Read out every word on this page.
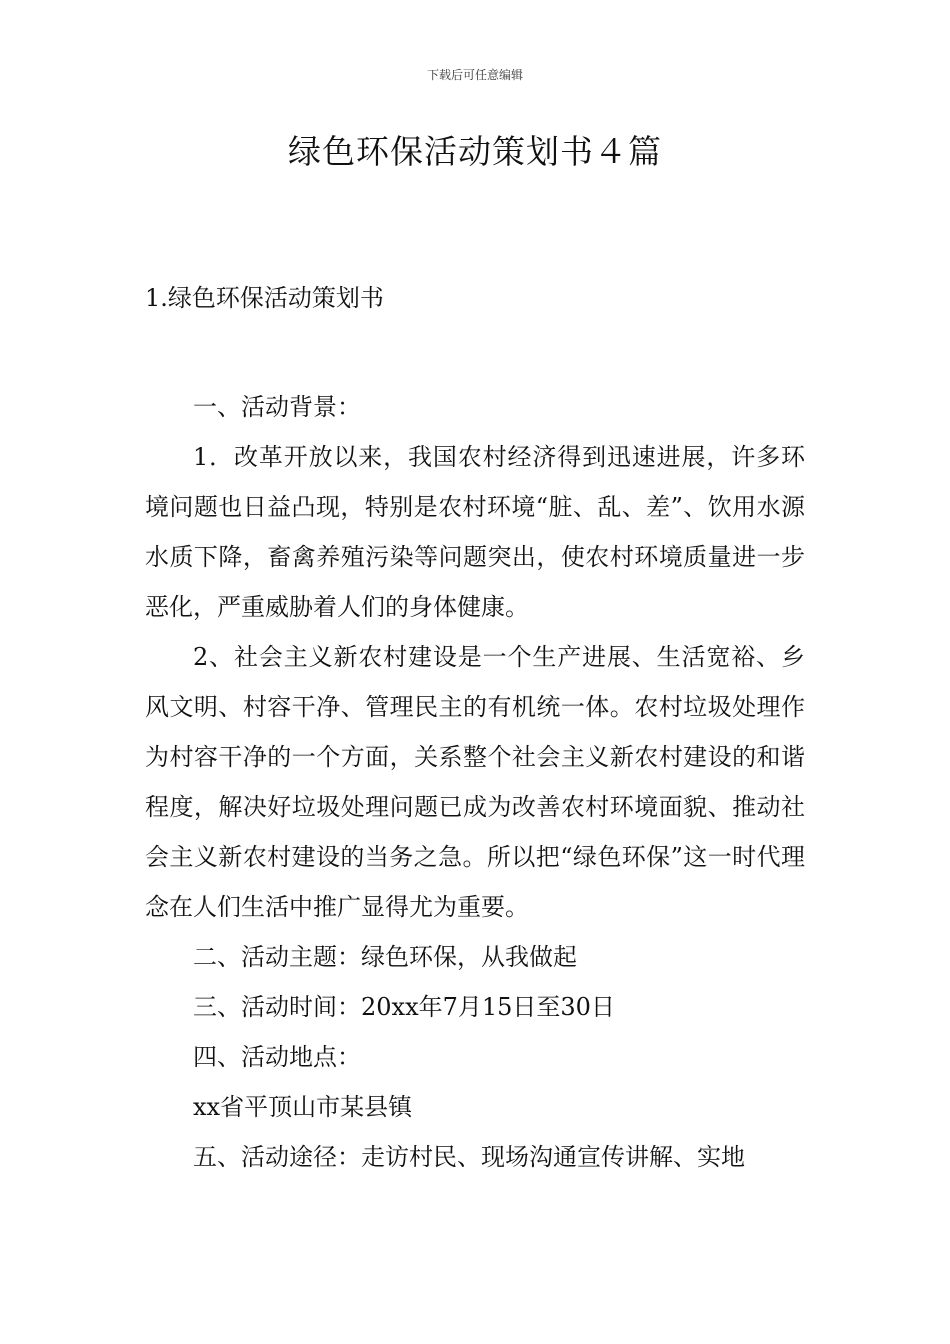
下载后可任意编辑
绿色环保活动策划书４篇
1.绿色环保活动策划书

一、活动背景：

1．改革开放以来，我国农村经济得到迅速进展，许多环境问题也日益凸现，特别是农村环境“脏、乱、差”、饮用水源水质下降，畜禽养殖污染等问题突出，使农村环境质量进一步恶化，严重威胁着人们的身体健康。

2、社会主义新农村建设是一个生产进展、生活宽裕、乡风文明、村容干净、管理民主的有机统一体。农村垃圾处理作为村容干净的一个方面，关系整个社会主义新农村建设的和谐程度，解决好垃圾处理问题已成为改善农村环境面貌、推动社会主义新农村建设的当务之急。所以把“绿色环保”这一时代理念在人们生活中推广显得尤为重要。

二、活动主题：绿色环保，从我做起

三、活动时间：20xx年7月15日至30日

四、活动地点：

xx省平顶山市某县镇

五、活动途径：走访村民、现场沟通宣传讲解、实地
